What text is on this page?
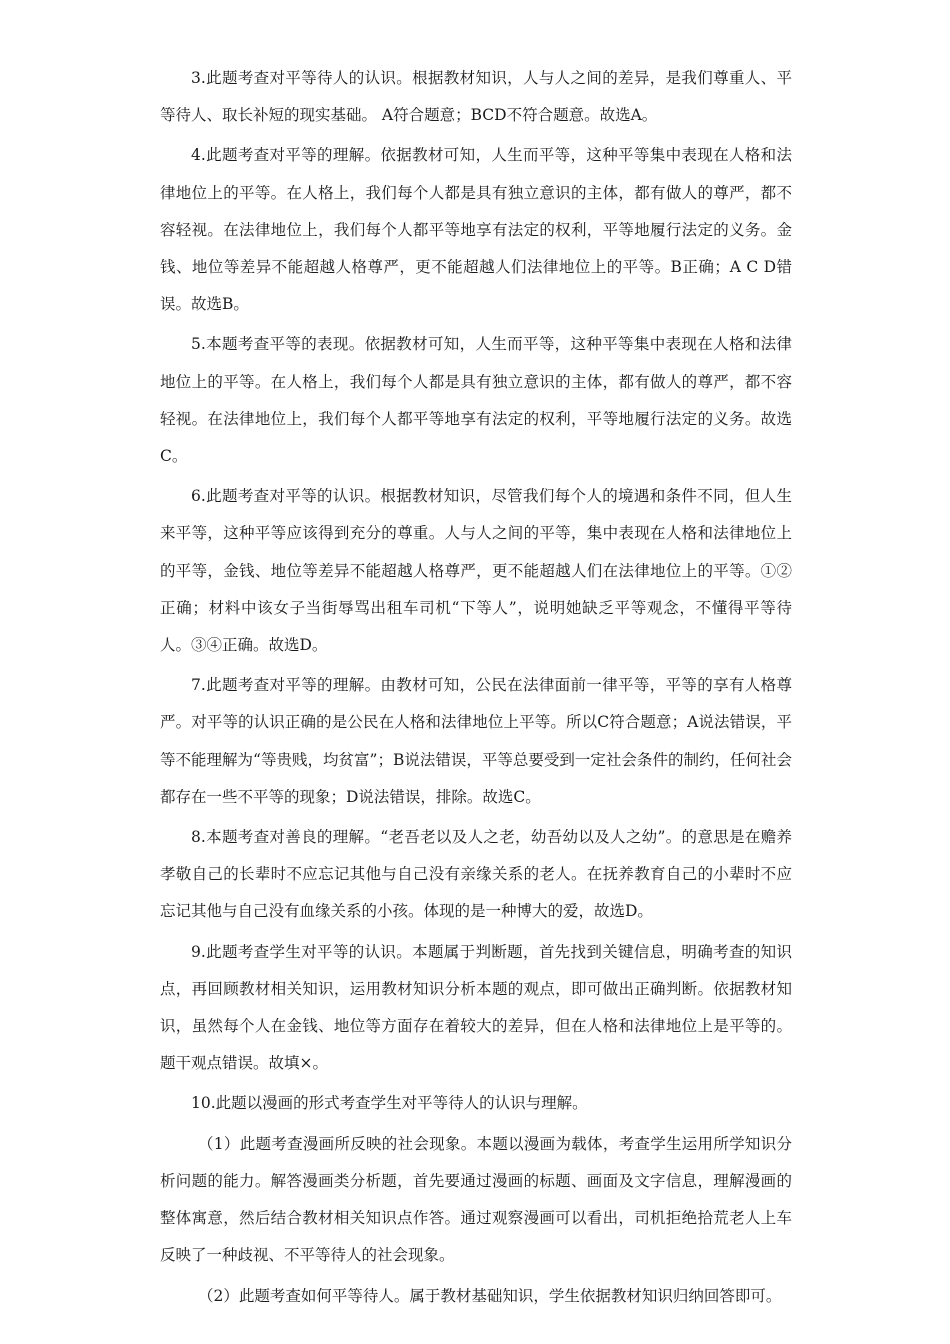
3.此题考查对平等待人的认识。根据教材知识，人与人之间的差异，是我们尊重人、平等待人、取长补短的现实基础。 A符合题意；BCD不符合题意。故选A。

4.此题考查对平等的理解。依据教材可知，人生而平等，这种平等集中表现在人格和法律地位上的平等。在人格上，我们每个人都是具有独立意识的主体，都有做人的尊严，都不容轻视。在法律地位上，我们每个人都平等地享有法定的权利，平等地履行法定的义务。金钱、地位等差异不能超越人格尊严，更不能超越人们法律地位上的平等。B正确；A C D错误。故选B。

5.本题考查平等的表现。依据教材可知，人生而平等，这种平等集中表现在人格和法律地位上的平等。在人格上，我们每个人都是具有独立意识的主体，都有做人的尊严，都不容轻视。在法律地位上，我们每个人都平等地享有法定的权利，平等地履行法定的义务。故选C。

6.此题考查对平等的认识。根据教材知识，尽管我们每个人的境遇和条件不同，但人生来平等，这种平等应该得到充分的尊重。人与人之间的平等，集中表现在人格和法律地位上的平等，金钱、地位等差异不能超越人格尊严，更不能超越人们在法律地位上的平等。①②正确；材料中该女子当街辱骂出租车司机“下等人”，说明她缺乏平等观念，不懂得平等待人。③④正确。故选D。

7.此题考查对平等的理解。由教材可知，公民在法律面前一律平等，平等的享有人格尊严。对平等的认识正确的是公民在人格和法律地位上平等。所以C符合题意；A说法错误，平等不能理解为“等贵贱，均贫富”；B说法错误，平等总要受到一定社会条件的制约，任何社会都存在一些不平等的现象；D说法错误，排除。故选C。

8.本题考查对善良的理解。“老吾老以及人之老，幼吾幼以及人之幼”。的意思是在赡养孝敬自己的长辈时不应忘记其他与自己没有亲缘关系的老人。在抚养教育自己的小辈时不应忘记其他与自己没有血缘关系的小孩。体现的是一种博大的爱，故选D。

9.此题考查学生对平等的认识。本题属于判断题，首先找到关键信息，明确考查的知识点，再回顾教材相关知识，运用教材知识分析本题的观点，即可做出正确判断。依据教材知识，虽然每个人在金钱、地位等方面存在着较大的差异，但在人格和法律地位上是平等的。题干观点错误。故填×。

10.此题以漫画的形式考查学生对平等待人的认识与理解。

（1）此题考查漫画所反映的社会现象。本题以漫画为载体，考查学生运用所学知识分析问题的能力。解答漫画类分析题，首先要通过漫画的标题、画面及文字信息，理解漫画的整体寓意，然后结合教材相关知识点作答。通过观察漫画可以看出，司机拒绝拾荒老人上车反映了一种歧视、不平等待人的社会现象。

（2）此题考查如何平等待人。属于教材基础知识，学生依据教材知识归纳回答即可。
